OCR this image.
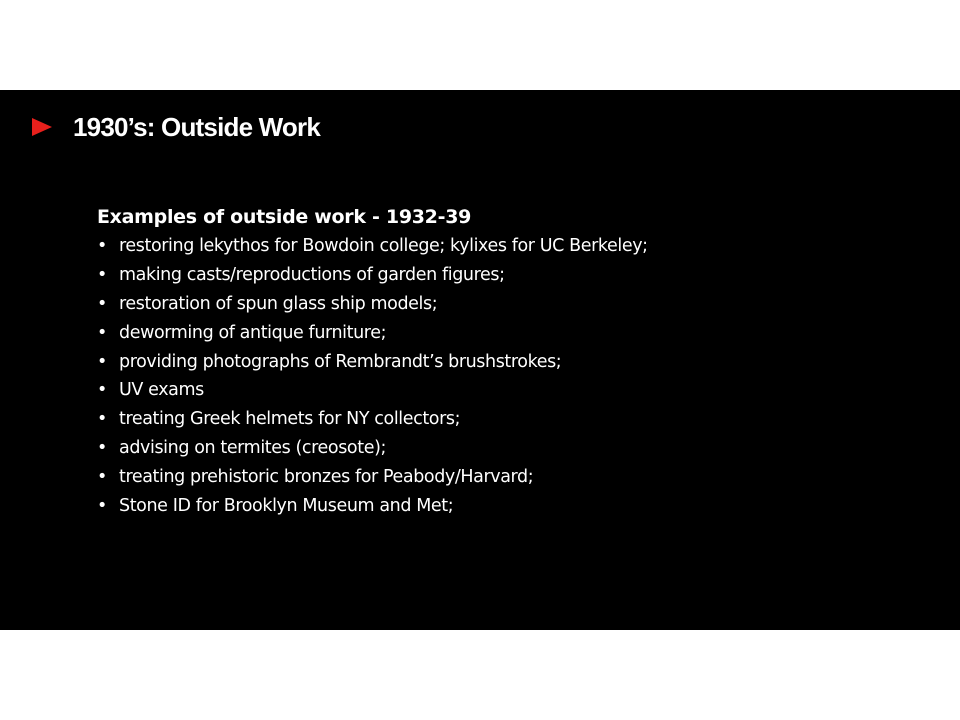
1930’s: Outside Work
Examples of outside work - 1932-39
• restoring lekythos for Bowdoin college; kylixes for UC Berkeley;
• making casts/reproductions of garden figures;
• restoration of spun glass ship models;
• deworming of antique furniture;
• providing photographs of Rembrandt’s brushstrokes;
• UV exams
• treating Greek helmets for NY collectors;
• advising on termites (creosote);
• treating prehistoric bronzes for Peabody/Harvard;
• Stone ID for Brooklyn Museum and Met;
